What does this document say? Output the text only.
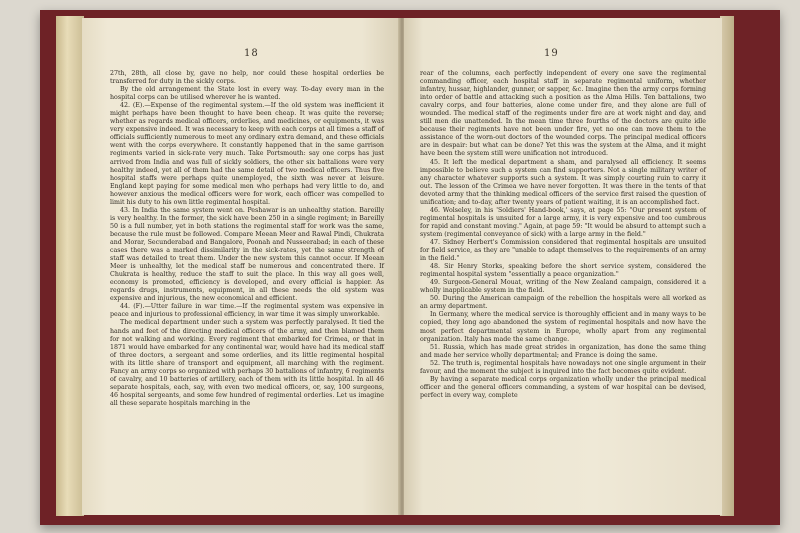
18

27th, 28th, all close by, gave no help, nor could these hospital orderlies be transferred for duty in the sickly corps.

By the old arrangement the State lost in every way. To-day every man in the hospital corps can be utilised wherever he is wanted.

42. (E).—Expense of the regimental system.—If the old system was inefficient it might perhaps have been thought to have been cheap. It was quite the reverse; whether as regards medical officers, orderlies, and medicines, or equipments, it was very expensive indeed. It was necessary to keep with each corps at all times a staff of officials sufficiently numerous to meet any ordinary extra demand, and these officials went with the corps everywhere. It constantly happened that in the same garrison regiments varied in sick-rate very much. Take Portsmouth: say one corps has just arrived from India and was full of sickly soldiers, the other six battalions were very healthy indeed, yet all of them had the same detail of two medical officers. Thus five hospital staffs were perhaps quite unemployed, the sixth was never at leisure. England kept paying for some medical men who perhaps had very little to do, and however anxious the medical officers were for work, each officer was compelled to limit his duty to his own little regimental hospital.

43. In India the same system went on. Peshawar is an unhealthy station. Bareilly is very healthy. In the former, the sick have been 250 in a single regiment; in Bareilly 50 is a full number, yet in both stations the regimental staff for work was the same, because the rule must be followed. Compare Meean Meer and Rawal Pindi, Chukrata and Morar, Secunderabad and Bangalore, Poonah and Nusseerabad; in each of these cases there was a marked dissimilarity in the sick-rates, yet the same strength of staff was detailed to treat them. Under the new system this cannot occur. If Meean Meer is unhealthy, let the medical staff be numerous and concentrated there. If Chukrata is healthy, reduce the staff to suit the place. In this way all goes well, economy is promoted, efficiency is developed, and every official is happier. As regards drugs, instruments, equipment, in all these needs the old system was expensive and injurious, the new economical and efficient.

44. (F).—Utter failure in war time.—If the regimental system was expensive in peace and injurious to professional efficiency, in war time it was simply unworkable.

The medical department under such a system was perfectly paralysed. It tied the hands and feet of the directing medical officers of the army, and then blamed them for not walking and working. Every regiment that embarked for Crimea, or that in 1871 would have embarked for any continental war, would have had its medical staff of three doctors, a sergeant and some orderlies, and its little regimental hospital with its little share of transport and equipment, all marching with the regiment. Fancy an army corps so organized with perhaps 30 battalions of infantry, 6 regiments of cavalry, and 10 batteries of artillery, each of them with its little hospital. In all 46 separate hospitals, each, say, with even two medical officers, or, say, 100 surgeons, 46 hospital sergeants, and some few hundred of regimental orderlies. Let us imagine all these separate hospitals marching in the

19

rear of the columns, each perfectly independent of every one save the regimental commanding officer, each hospital staff in separate regimental uniform, whether infantry, hussar, highlander, gunner, or sapper, &c. Imagine then the army corps forming into order of battle and attacking such a position as the Alma Hills. Ten battalions, two cavalry corps, and four batteries, alone come under fire, and they alone are full of wounded. The medical staff of the regiments under fire are at work night and day, and still men die unattended. In the mean time three fourths of the doctors are quite idle because their regiments have not been under fire, yet no one can move them to the assistance of the worn-out doctors of the wounded corps. The principal medical officers are in despair: but what can be done? Yet this was the system at the Alma, and it might have been the system still were unification not introduced.

45. It left the medical department a sham, and paralysed all efficiency. It seems impossible to believe such a system can find supporters. Not a single military writer of any character whatever supports such a system. It was simply courting ruin to carry it out. The lesson of the Crimea we have never forgotten. It was there in the tents of that devoted army that the thinking medical officers of the service first raised the question of unification; and to-day, after twenty years of patient waiting, it is an accomplished fact.

46. Wolseley, in his 'Soldiers' Hand-book,' says, at page 55: "Our present system of regimental hospitals is unsuited for a large army, it is very expensive and too cumbrous for rapid and constant moving." Again, at page 59: "It would be absurd to attempt such a system (regimental conveyance of sick) with a large army in the field."

47. Sidney Herbert's Commission considered that regimental hospitals are unsuited for field service, as they are "unable to adapt themselves to the requirements of an army in the field."

48. Sir Henry Storks, speaking before the short service system, considered the regimental hospital system "essentially a peace organization."

49. Surgeon-General Mouat, writing of the New Zealand campaign, considered it a wholly inapplicable system in the field.

50. During the American campaign of the rebellion the hospitals were all worked as an army department.

In Germany, where the medical service is thoroughly efficient and in many ways to be copied, they long ago abandoned the system of regimental hospitals and now have the most perfect departmental system in Europe, wholly apart from any regimental organization. Italy has made the same change.

51. Russia, which has made great strides in organization, has done the same thing and made her service wholly departmental; and France is doing the same.

52. The truth is, regimental hospitals have nowadays not one single argument in their favour, and the moment the subject is inquired into the fact becomes quite evident.

By having a separate medical corps organization wholly under the principal medical officer and the general officers commanding, a system of war hospital can be devised, perfect in every way, complete
